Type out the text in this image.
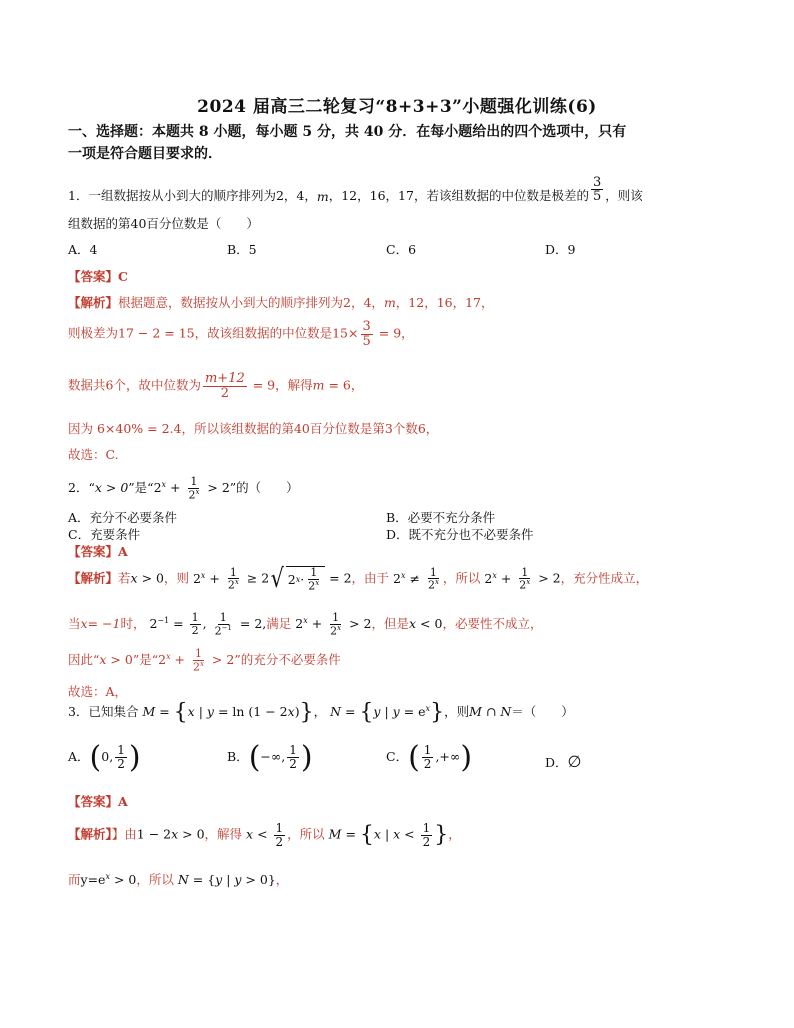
2024 届高三二轮复习“8+3+3”小题强化训练(6)
一、选择题：本题共 8 小题，每小题 5 分，共 40 分．在每小题给出的四个选项中，只有
一项是符合题目要求的．
1．一组数据按从小到大的顺序排列为2，4，m，12，16，17，若该组数据的中位数是极差的 $\frac{3}{5}$ ，则该
组数据的第40百分位数是（　　）
A．4	B．5	C．6	D．9
【答案】C
【解析】根据题意，数据按从小到大的顺序排列为2，4，m，12，16，17，
则极差为17 − 2 = 15，故该组数据的中位数是$15\times \frac{3}{5} = 9$，
数据共6个，故中位数为 $\frac{m+12}{2} = 9$，解得m = 6，
因为 6×40% = 2.4，所以该组数据的第40百分位数是第3个数6，
故选：C.
2．“x > 0”是“$2^x + \frac{1}{2^x} > 2$”的（　　）
A．充分不必要条件	B．必要不充分条件
C．充要条件	D．既不充分也不必要条件
【答案】A
【解析】若x > 0，则 $2^x + \frac{1}{2^x} \ge 2$ √ 2 $x \cdot \frac{1}{2^x} = 2$，由于 $2^x \ne \frac{1}{2^x}$ ，所以 $2^x + \frac{1}{2^x} > 2$，充分性成立，
当x= −1时， $2^{-1} = \frac{1}{2}$ , $\frac{1}{2^{-1}} = 2$,满足 $2^x + \frac{1}{2^x} > 2$，但是x < 0，必要性不成立，
因此“x > 0”是“$2^x + \frac{1}{2^x} > 2$”的充分不必要条件
故选：A，
3．已知集合 M = {x | y = ln (1 − 2x)}， N = {y | $y = e^x$}，则M ∩ N＝（　　）
A．(0, $\frac{1}{2}$ )	B．(−∞, $\frac{1}{2}$ )	C．( $\frac{1}{2}$ ,+∞)	D．∅
【答案】A
【解析】】由1 − 2x > 0，解得 $x < \frac{1}{2}$ ，所以 M = {x | $x < \frac{1}{2}$ }，
而$y=e^x > 0$，所以 N = {y | y > 0}，
